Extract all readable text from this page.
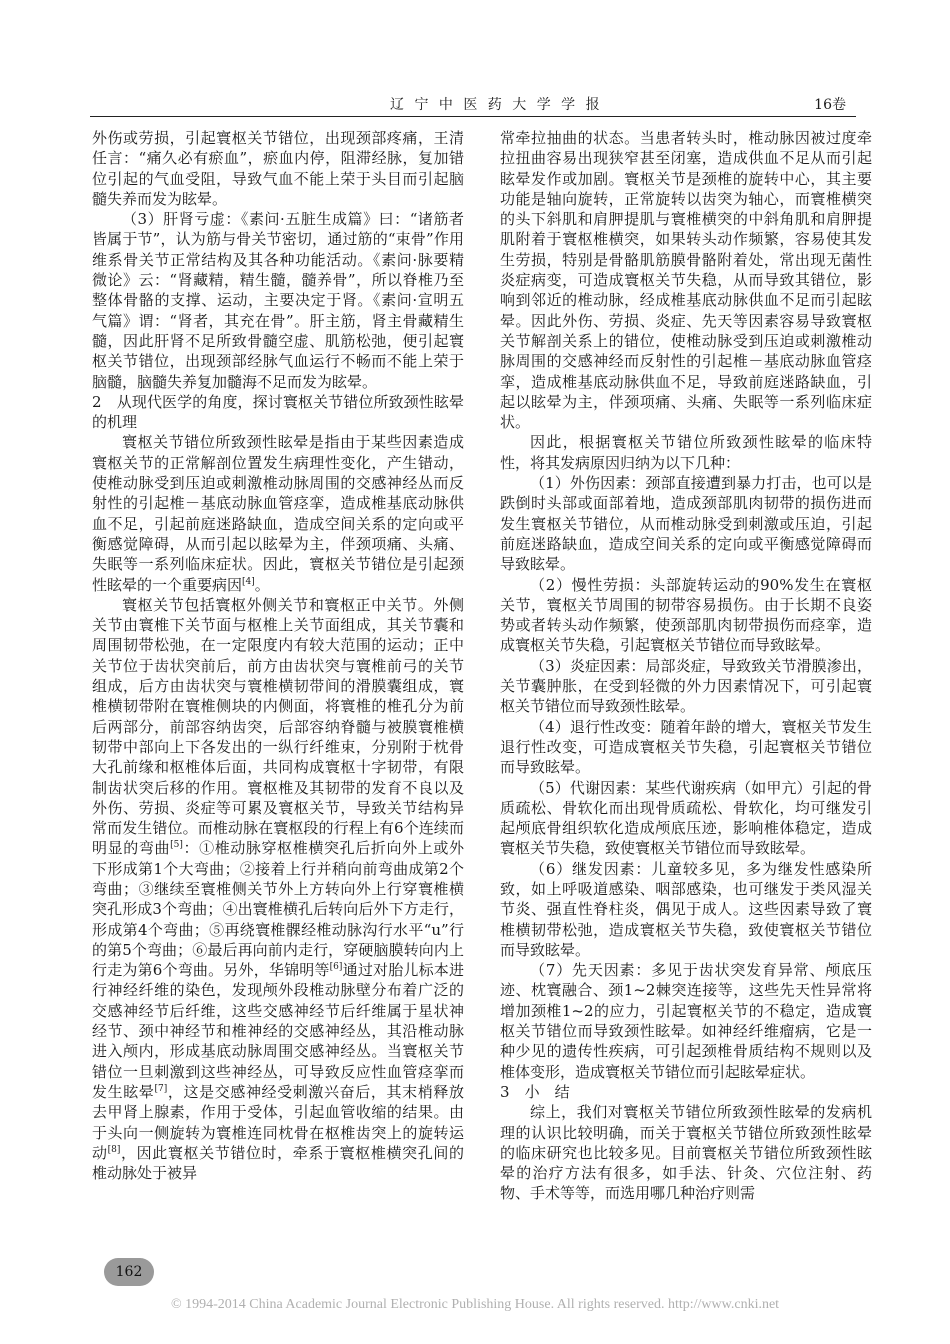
辽 宁 中 医 药 大 学 学 报	16卷

外伤或劳损，引起寰枢关节错位，出现颈部疼痛，王清任言：“痛久必有瘀血”，瘀血内停，阻滞经脉，复加错位引起的气血受阻，导致气血不能上荣于头目而引起脑髓失养而发为眩晕。

（3）肝肾亏虚：《素问·五脏生成篇》曰：“诸筋者皆属于节”，认为筋与骨关节密切，通过筋的“束骨”作用维系骨关节正常结构及其各种功能活动。《素问·脉要精微论》云：“肾藏精，精生髓，髓养骨”，所以脊椎乃至整体骨骼的支撑、运动，主要决定于肾。《素问·宣明五气篇》谓：“肾者，其充在骨”。肝主筋，肾主骨藏精生髓，因此肝肾不足所致骨髓空虚、肌筋松弛，便引起寰枢关节错位，出现颈部经脉气血运行不畅而不能上荣于脑髓，脑髓失养复加髓海不足而发为眩晕。

2　 从现代医学的角度，探讨寰枢关节错位所致颈性眩晕的机理

寰枢关节错位所致颈性眩晕是指由于某些因素造成寰枢关节的正常解剖位置发生病理性变化，产生错动，使椎动脉受到压迫或刺激椎动脉周围的交感神经丛而反射性的引起椎－基底动脉血管痉挛，造成椎基底动脉供血不足，引起前庭迷路缺血，造成空间关系的定向或平衡感觉障碍，从而引起以眩晕为主，伴颈项痛、头痛、失眠等一系列临床症状。因此，寰枢关节错位是引起颈性眩晕的一个重要病因[4]。

寰枢关节包括寰枢外侧关节和寰枢正中关节。外侧关节由寰椎下关节面与枢椎上关节面组成，其关节囊和周围韧带松弛，在一定限度内有较大范围的运动；正中关节位于齿状突前后，前方由齿状突与寰椎前弓的关节组成，后方由齿状突与寰椎横韧带间的滑膜囊组成，寰椎横韧带附在寰椎侧块的内侧面，将寰椎的椎孔分为前后两部分，前部容纳齿突，后部容纳脊髓与被膜寰椎横韧带中部向上下各发出的一纵行纤维束，分别附于枕骨大孔前缘和枢椎体后面，共同构成寰枢十字韧带，有限制齿状突后移的作用。寰枢椎及其韧带的发育不良以及外伤、劳损、炎症等可累及寰枢关节，导致关节结构异常而发生错位。而椎动脉在寰枢段的行程上有6个连续而明显的弯曲[5]：①椎动脉穿枢椎横突孔后折向外上或外下形成第1个大弯曲；②接着上行并稍向前弯曲成第2个弯曲；③继续至寰椎侧关节外上方转向外上行穿寰椎横突孔形成3个弯曲；④出寰椎横孔后转向后外下方走行，形成第4个弯曲；⑤再绕寰椎髁经椎动脉沟行水平“u”行的第5个弯曲；⑥最后再向前内走行，穿硬脑膜转向内上行走为第6个弯曲。另外，华锦明等[6]通过对胎儿标本进行神经纤维的染色，发现颅外段椎动脉壁分布着广泛的交感神经节后纤维，这些交感神经节后纤维属于星状神经节、颈中神经节和椎神经的交感神经丛，其沿椎动脉进入颅内，形成基底动脉周围交感神经丛。当寰枢关节错位一旦刺激到这些神经丛，可导致反应性血管痉挛而发生眩晕[7]，这是交感神经受刺激兴奋后，其末梢释放去甲肾上腺素，作用于受体，引起血管收缩的结果。由于头向一侧旋转为寰椎连同枕骨在枢椎齿突上的旋转运动[8]，因此寰枢关节错位时，牵系于寰枢椎横突孔间的椎动脉处于被异

常牵拉抽曲的状态。当患者转头时，椎动脉因被过度牵拉扭曲容易出现狭窄甚至闭塞，造成供血不足从而引起眩晕发作或加剧。寰枢关节是颈椎的旋转中心，其主要功能是轴向旋转，正常旋转以齿突为轴心，而寰椎横突的头下斜肌和肩胛提肌与寰椎横突的中斜角肌和肩胛提肌附着于寰枢椎横突，如果转头动作频繁，容易使其发生劳损，特别是骨骼肌筋膜骨骼附着处，常出现无菌性炎症病变，可造成寰枢关节失稳，从而导致其错位，影响到邻近的椎动脉，经成椎基底动脉供血不足而引起眩晕。因此外伤、劳损、炎症、先天等因素容易导致寰枢关节解剖关系上的错位，使椎动脉受到压迫或刺激椎动脉周围的交感神经而反射性的引起椎－基底动脉血管痉挛，造成椎基底动脉供血不足，导致前庭迷路缺血，引起以眩晕为主，伴颈项痛、头痛、失眠等一系列临床症状。

因此，根据寰枢关节错位所致颈性眩晕的临床特性，将其发病原因归纳为以下几种：

（1）外伤因素：颈部直接遭到暴力打击，也可以是跌倒时头部或面部着地，造成颈部肌肉韧带的损伤进而发生寰枢关节错位，从而椎动脉受到刺激或压迫，引起前庭迷路缺血，造成空间关系的定向或平衡感觉障碍而导致眩晕。

（2）慢性劳损：头部旋转运动的90%发生在寰枢关节，寰枢关节周围的韧带容易损伤。由于长期不良姿势或者转头动作频繁，使颈部肌肉韧带损伤而痉挛，造成寰枢关节失稳，引起寰枢关节错位而导致眩晕。

（3）炎症因素：局部炎症，导致致关节滑膜渗出，关节囊肿胀，在受到轻微的外力因素情况下，可引起寰枢关节错位而导致颈性眩晕。

（4）退行性改变：随着年龄的增大，寰枢关节发生退行性改变，可造成寰枢关节失稳，引起寰枢关节错位而导致眩晕。

（5）代谢因素：某些代谢疾病（如甲亢）引起的骨质疏松、骨软化而出现骨质疏松、骨软化，均可继发引起颅底骨组织软化造成颅底压迹，影响椎体稳定，造成寰枢关节失稳，致使寰枢关节错位而导致眩晕。

（6）继发因素：儿童较多见，多为继发性感染所致，如上呼吸道感染、咽部感染，也可继发于类风湿关节炎、强直性脊柱炎，偶见于成人。这些因素导致了寰椎横韧带松弛，造成寰枢关节失稳，致使寰枢关节错位而导致眩晕。

（7）先天因素：多见于齿状突发育异常、颅底压迹、枕寰融合、颈1~2棘突连接等，这些先天性异常将增加颈椎1~2的应力，引起寰枢关节的不稳定，造成寰枢关节错位而导致颈性眩晕。如神经纤维瘤病，它是一种少见的遗传性疾病，可引起颈椎骨质结构不规则以及椎体变形，造成寰枢关节错位而引起眩晕症状。

3　 小　结

综上，我们对寰枢关节错位所致颈性眩晕的发病机理的认识比较明确，而关于寰枢关节错位所致颈性眩晕的临床研究也比较多见。目前寰枢关节错位所致颈性眩晕的治疗方法有很多，如手法、针灸、穴位注射、药物、手术等等，而选用哪几种治疗则需

162
© 1994-2014 China Academic Journal Electronic Publishing House. All rights reserved. http://www.cnki.net
